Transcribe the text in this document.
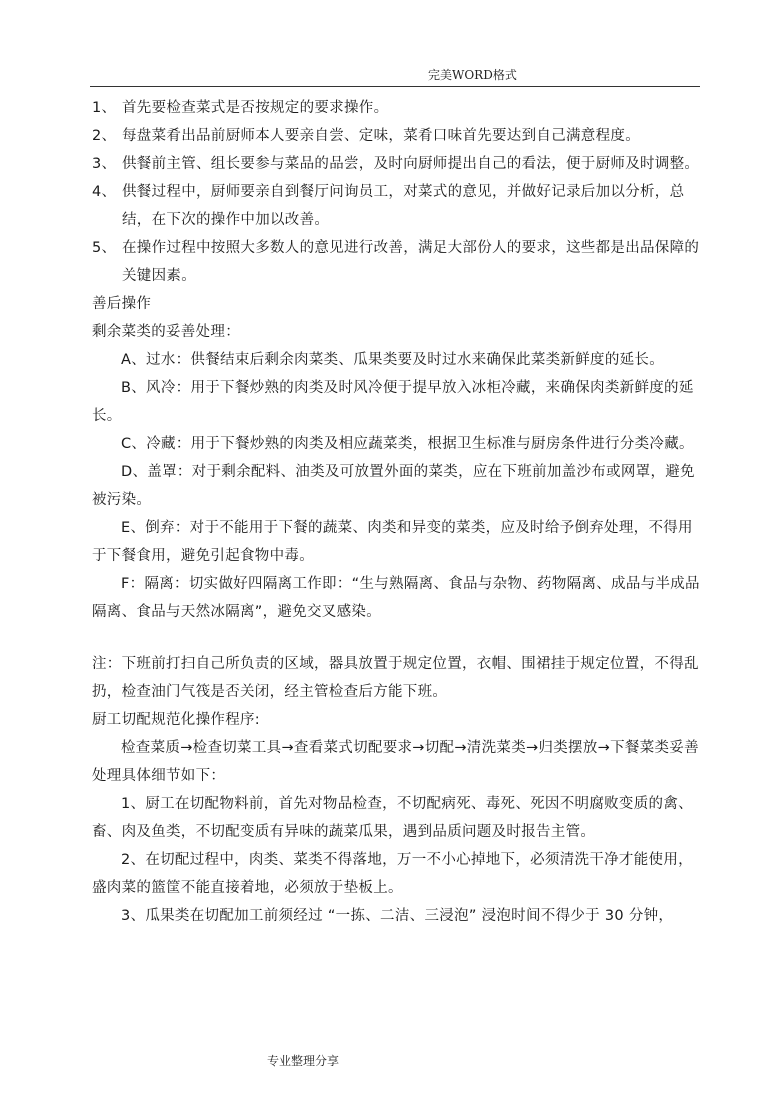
完美WORD格式
1、 首先要检查菜式是否按规定的要求操作。
2、 每盘菜肴出品前厨师本人要亲自尝、定味，菜肴口味首先要达到自己满意程度。
3、 供餐前主管、组长要参与菜品的品尝，及时向厨师提出自己的看法，便于厨师及时调整。
4、 供餐过程中，厨师要亲自到餐厅问询员工，对菜式的意见，并做好记录后加以分析，总结，在下次的操作中加以改善。
5、 在操作过程中按照大多数人的意见进行改善，满足大部份人的要求，这些都是出品保障的关键因素。

善后操作

剩余菜类的妥善处理：

A、过水：供餐结束后剩余肉菜类、瓜果类要及时过水来确保此菜类新鲜度的延长。

B、风冷：用于下餐炒熟的肉类及时风冷便于提早放入冰柜冷藏，来确保肉类新鲜度的延长。

C、冷藏：用于下餐炒熟的肉类及相应蔬菜类，根据卫生标准与厨房条件进行分类冷藏。

D、盖罩：对于剩余配料、油类及可放置外面的菜类，应在下班前加盖沙布或网罩，避免被污染。

E、倒弃：对于不能用于下餐的蔬菜、肉类和异变的菜类，应及时给予倒弃处理，不得用于下餐食用，避免引起食物中毒。

F：隔离：切实做好四隔离工作即：“生与熟隔离、食品与杂物、药物隔离、成品与半成品隔离、食品与天然冰隔离”，避免交叉感染。

注：下班前打扫自己所负责的区域，器具放置于规定位置，衣帽、围裙挂于规定位置，不得乱扔，检查油门气筏是否关闭，经主管检查后方能下班。

厨工切配规范化操作程序:

检查菜质→检查切菜工具→查看菜式切配要求→切配→清洗菜类→归类摆放→下餐菜类妥善处理具体细节如下：

1、厨工在切配物料前，首先对物品检查，不切配病死、毒死、死因不明腐败变质的禽、畜、肉及鱼类，不切配变质有异味的蔬菜瓜果，遇到品质问题及时报告主管。

2、在切配过程中，肉类、菜类不得落地，万一不小心掉地下，必须清洗干净才能使用，盛肉菜的篮筐不能直接着地，必须放于垫板上。

3、瓜果类在切配加工前须经过 “一拣、二洁、三浸泡” 浸泡时间不得少于 30 分钟，

专业整理分享
